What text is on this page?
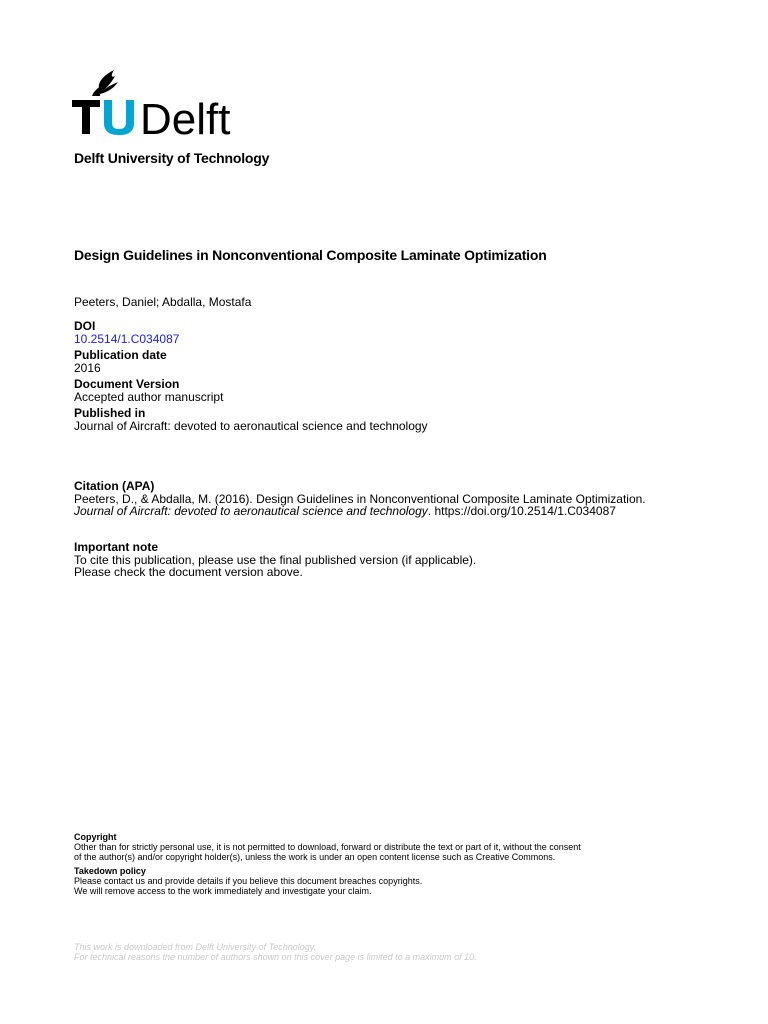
Delft
Delft University of Technology
Design Guidelines in Nonconventional Composite Laminate Optimization
Peeters, Daniel; Abdalla, Mostafa
DOI
10.2514/1.C034087
Publication date
2016
Document Version
Accepted author manuscript
Published in
Journal of Aircraft: devoted to aeronautical science and technology
Citation (APA)
Peeters, D., & Abdalla, M. (2016). Design Guidelines in Nonconventional Composite Laminate Optimization.
Journal of Aircraft: devoted to aeronautical science and technology. https://doi.org/10.2514/1.C034087
Important note
To cite this publication, please use the final published version (if applicable).
Please check the document version above.
Copyright
Other than for strictly personal use, it is not permitted to download, forward or distribute the text or part of it, without the consent
of the author(s) and/or copyright holder(s), unless the work is under an open content license such as Creative Commons.
Takedown policy
Please contact us and provide details if you believe this document breaches copyrights.
We will remove access to the work immediately and investigate your claim.
This work is downloaded from Delft University of Technology.
For technical reasons the number of authors shown on this cover page is limited to a maximum of 10.
